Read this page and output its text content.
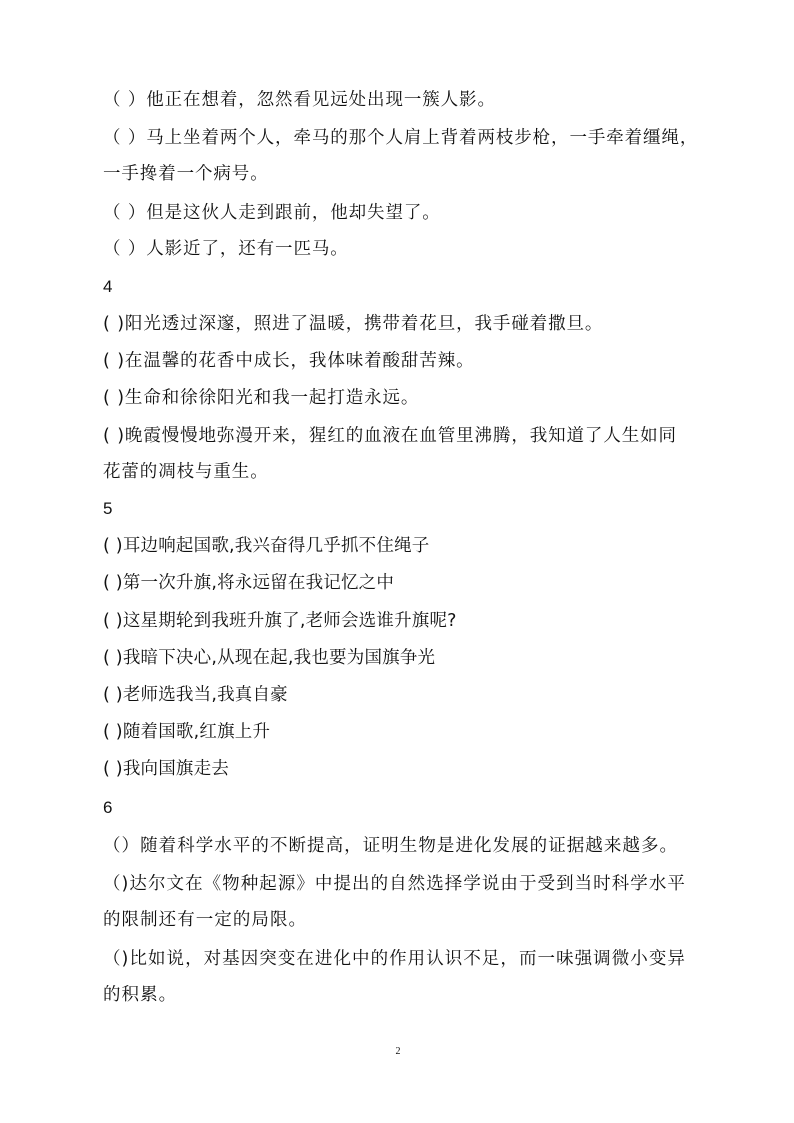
（ ）他正在想着，忽然看见远处出现一簇人影。
（ ）马上坐着两个人，牵马的那个人肩上背着两枝步枪，一手牵着缰绳，
一手搀着一个病号。
（ ）但是这伙人走到跟前，他却失望了。
（ ）人影近了，还有一匹马。
4
( )阳光透过深邃，照进了温暖，携带着花旦，我手碰着撒旦。
( )在温馨的花香中成长，我体味着酸甜苦辣。
( )生命和徐徐阳光和我一起打造永远。
( )晚霞慢慢地弥漫开来，猩红的血液在血管里沸腾，我知道了人生如同
花蕾的凋枝与重生。
5
( )耳边响起国歌,我兴奋得几乎抓不住绳子
( )第一次升旗,将永远留在我记忆之中
( )这星期轮到我班升旗了,老师会选谁升旗呢?
( )我暗下决心,从现在起,我也要为国旗争光
( )老师选我当,我真自豪
( )随着国歌,红旗上升
( )我向国旗走去
6
（）随着科学水平的不断提高，证明生物是进化发展的证据越来越多。
（)达尔文在《物种起源》中提出的自然选择学说由于受到当时科学水平
的限制还有一定的局限。
（)比如说，对基因突变在进化中的作用认识不足，而一味强调微小变异
的积累。
2
